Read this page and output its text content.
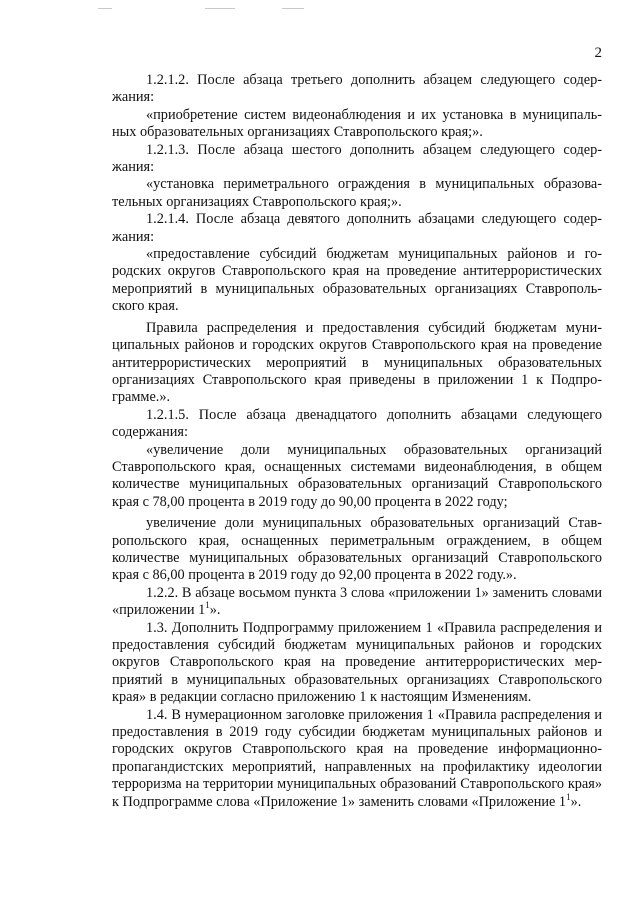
2

1.2.1.2. После абзаца третьего дополнить абзацем следующего содержания:

«приобретение систем видеонаблюдения и их установка в муниципальных образовательных организациях Ставропольского края;».

1.2.1.3. После абзаца шестого дополнить абзацем следующего содержания:

«установка периметрального ограждения в муниципальных образовательных организациях Ставропольского края;».

1.2.1.4. После абзаца девятого дополнить абзацами следующего содержания:

«предоставление субсидий бюджетам муниципальных районов и городских округов Ставропольского края на проведение антитеррористических мероприятий в муниципальных образовательных организациях Ставропольского края.

Правила распределения и предоставления субсидий бюджетам муниципальных районов и городских округов Ставропольского края на проведение антитеррористических мероприятий в муниципальных образовательных организациях Ставропольского края приведены в приложении 1 к Подпрограмме.».

1.2.1.5. После абзаца двенадцатого дополнить абзацами следующего содержания:

«увеличение доли муниципальных образовательных организаций Ставропольского края, оснащенных системами видеонаблюдения, в общем количестве муниципальных образовательных организаций Ставропольского края с 78,00 процента в 2019 году до 90,00 процента в 2022 году;

увеличение доли муниципальных образовательных организаций Ставропольского края, оснащенных периметральным ограждением, в общем количестве муниципальных образовательных организаций Ставропольского края с 86,00 процента в 2019 году до 92,00 процента в 2022 году.».

1.2.2. В абзаце восьмом пункта 3 слова «приложении 1» заменить словами «приложении $1^1$».

1.3. Дополнить Подпрограмму приложением 1 «Правила распределения и предоставления субсидий бюджетам муниципальных районов и городских округов Ставропольского края на проведение антитеррористических мерприятий в муниципальных образовательных организациях Ставропольского края» в редакции согласно приложению 1 к настоящим Изменениям.

1.4. В нумерационном заголовке приложения 1 «Правила распределения и предоставления в 2019 году субсидии бюджетам муниципальных районов и городских округов Ставропольского края на проведение информационно-пропагандистских мероприятий, направленных на профилактику идеологии терроризма на территории муниципальных образований Ставропольского края» к Подпрограмме слова «Приложение 1» заменить словами «Приложение $1^1$».
